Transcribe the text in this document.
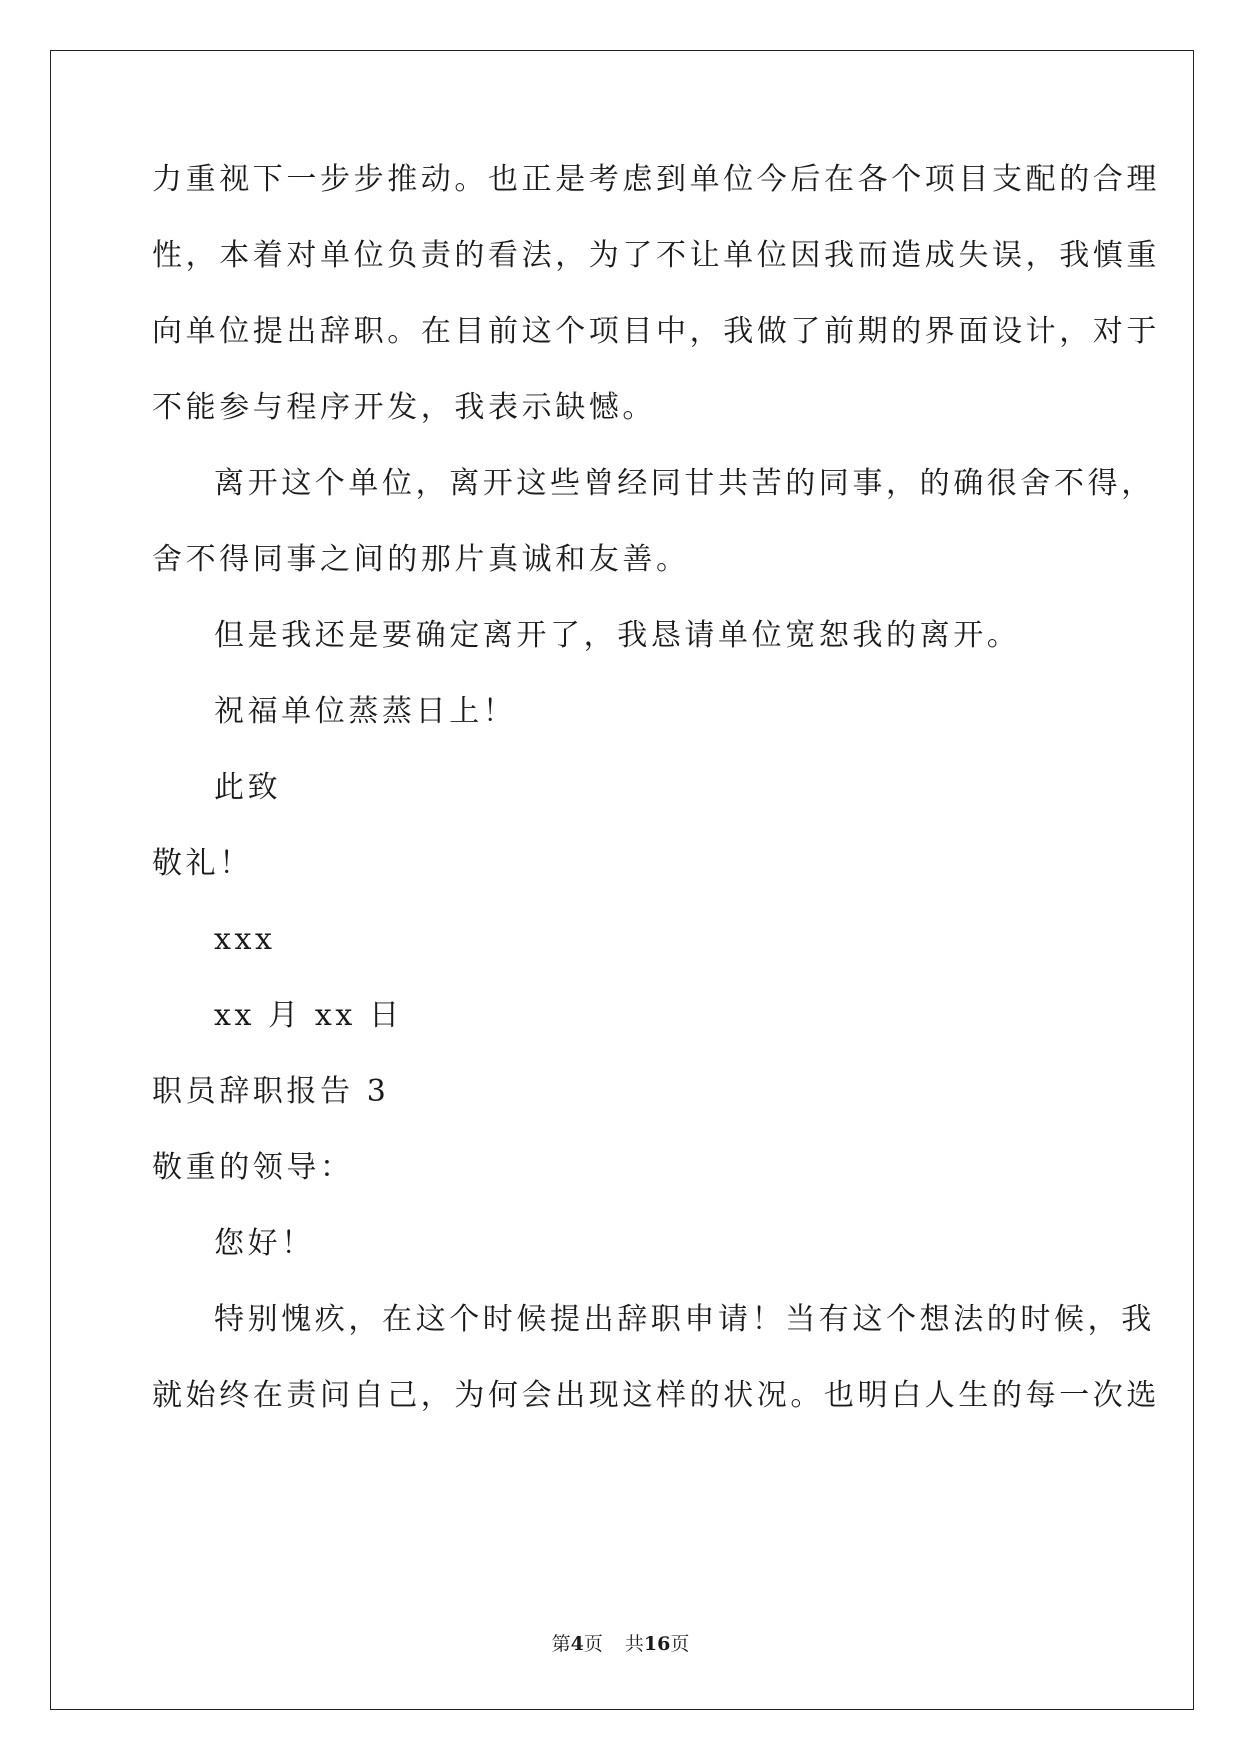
力重视下一步步推动。也正是考虑到单位今后在各个项目支配的合理
性，本着对单位负责的看法，为了不让单位因我而造成失误，我慎重
向单位提出辞职。在目前这个项目中，我做了前期的界面设计，对于
不能参与程序开发，我表示缺憾。
离开这个单位，离开这些曾经同甘共苦的同事，的确很舍不得，
舍不得同事之间的那片真诚和友善。
但是我还是要确定离开了，我恳请单位宽恕我的离开。
祝福单位蒸蒸日上！
此致
敬礼！
xxx
xx 月 xx 日
职员辞职报告 3
敬重的领导：
您好！
特别愧疚，在这个时候提出辞职申请！当有这个想法的时候，我
就始终在责问自己，为何会出现这样的状况。也明白人生的每一次选
第4页 共16页
